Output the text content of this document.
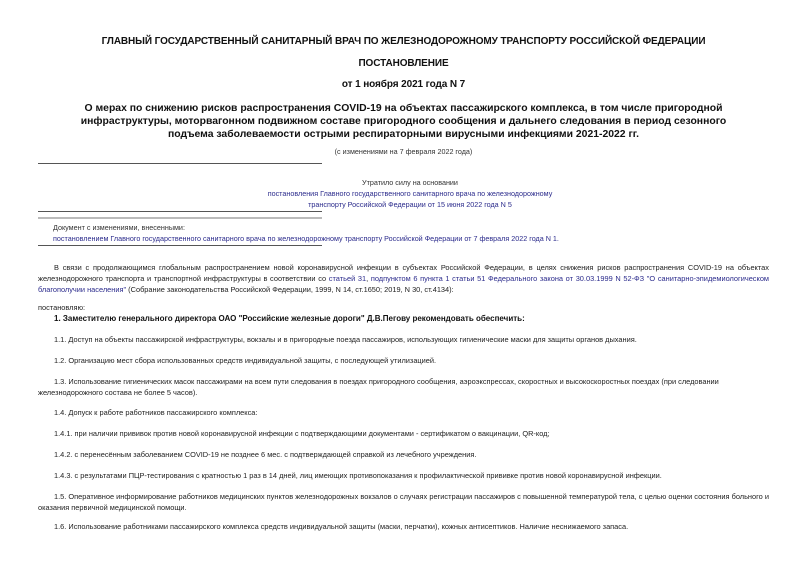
ГЛАВНЫЙ ГОСУДАРСТВЕННЫЙ САНИТАРНЫЙ ВРАЧ ПО ЖЕЛЕЗНОДОРОЖНОМУ ТРАНСПОРТУ РОССИЙСКОЙ ФЕДЕРАЦИИ
ПОСТАНОВЛЕНИЕ
от 1 ноября 2021 года N 7
О мерах по снижению рисков распространения COVID-19 на объектах пассажирского комплекса, в том числе пригородной инфраструктуры, моторвагонном подвижном составе пригородного сообщения и дальнего следования в период сезонного подъема заболеваемости острыми респираторными вирусными инфекциями 2021-2022 гг.
(с изменениями на 7 февраля 2022 года)
Утратило силу на основании
постановления Главного государственного санитарного врача по железнодорожному
транспорту Российской Федерации от 15 июня 2022 года N 5
Документ с изменениями, внесенными:
постановлением Главного государственного санитарного врача по железнодорожному транспорту Российской Федерации от 7 февраля 2022 года N 1.
В связи с продолжающимся глобальным распространением новой коронавирусной инфекции в субъектах Российской Федерации, в целях снижения рисков распространения COVID-19 на объектах железнодорожного транспорта и транспортной инфраструктуры в соответствии со статьей 31, подпунктом 6 пункта 1 статьи 51 Федерального закона от 30.03.1999 N 52-ФЗ "О санитарно-эпидемиологическом благополучии населения" (Собрание законодательства Российской Федерации, 1999, N 14, ст.1650; 2019, N 30, ст.4134):
постановляю:
1. Заместителю генерального директора ОАО "Российские железные дороги" Д.В.Пегову рекомендовать обеспечить:
1.1. Доступ на объекты пассажирской инфраструктуры, вокзалы и в пригородные поезда пассажиров, использующих гигиенические маски для защиты органов дыхания.
1.2. Организацию мест сбора использованных средств индивидуальной защиты, с последующей утилизацией.
1.3. Использование гигиенических масок пассажирами на всем пути следования в поездах пригородного сообщения, аэроэкспрессах, скоростных и высокоскоростных поездах (при следовании железнодорожного состава не более 5 часов).
1.4. Допуск к работе работников пассажирского комплекса:
1.4.1. при наличии прививок против новой коронавирусной инфекции с подтверждающими документами - сертификатом о вакцинации, QR-код;
1.4.2. с перенесённым заболеванием COVID-19 не позднее 6 мес. с подтверждающей справкой из лечебного учреждения.
1.4.3. с результатами ПЦР-тестирования с кратностью 1 раз в 14 дней, лиц имеющих противопоказания к профилактической прививке против новой коронавирусной инфекции.
1.5. Оперативное информирование работников медицинских пунктов железнодорожных вокзалов о случаях регистрации пассажиров с повышенной температурой тела, с целью оценки состояния больного и оказания первичной медицинской помощи.
1.6. Использование работниками пассажирского комплекса средств индивидуальной защиты (маски, перчатки), кожных антисептиков. Наличие неснижаемого запаса.
